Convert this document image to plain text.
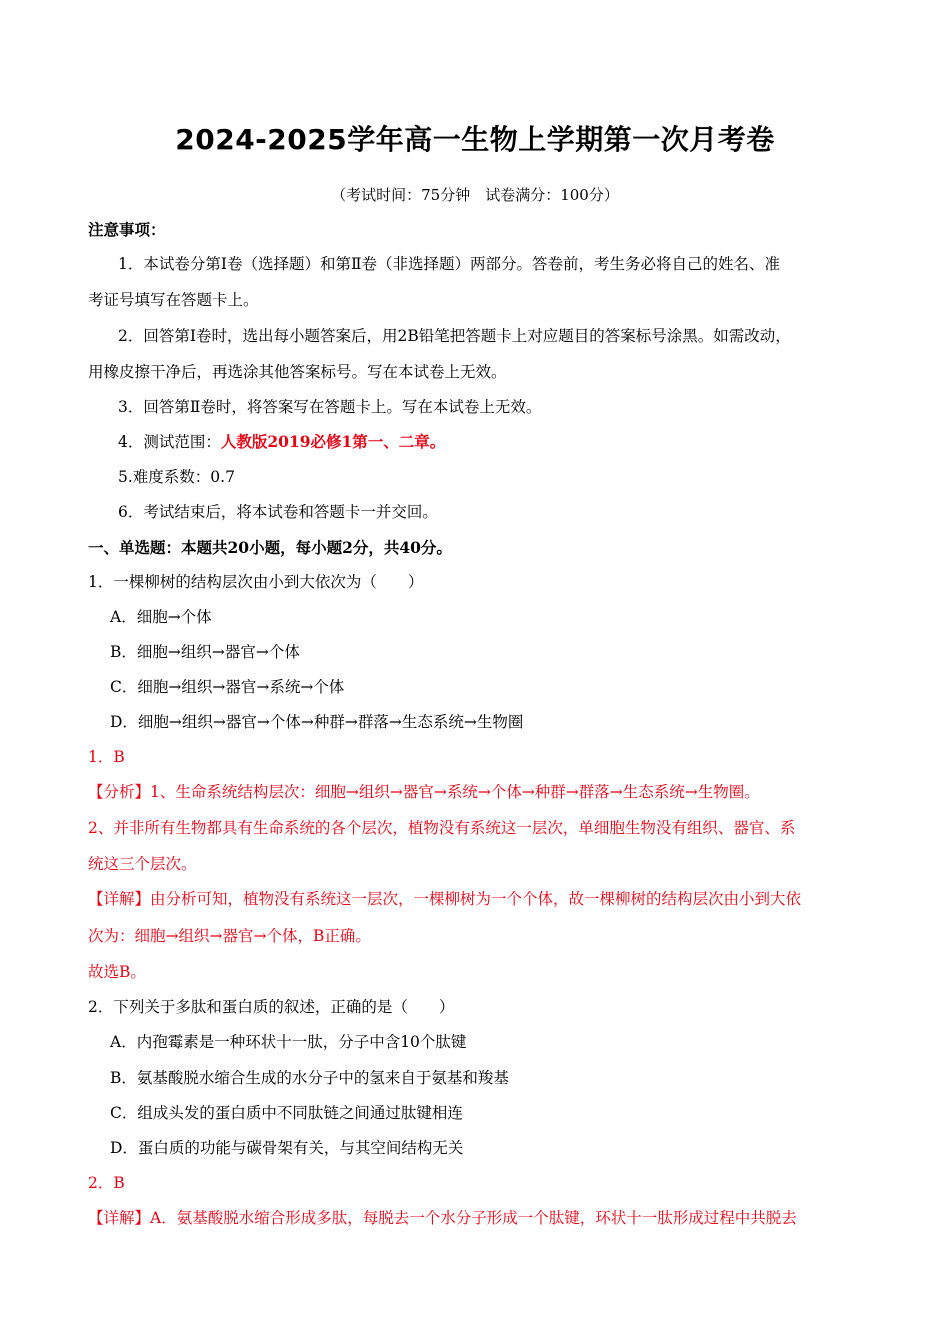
2024-2025学年高一生物上学期第一次月考卷
（考试时间：75分钟　试卷满分：100分）
注意事项：
1．本试卷分第Ⅰ卷（选择题）和第Ⅱ卷（非选择题）两部分。答卷前，考生务必将自己的姓名、准
考证号填写在答题卡上。
2．回答第Ⅰ卷时，选出每小题答案后，用2B铅笔把答题卡上对应题目的答案标号涂黑。如需改动，
用橡皮擦干净后，再选涂其他答案标号。写在本试卷上无效。
3．回答第Ⅱ卷时，将答案写在答题卡上。写在本试卷上无效。
4．测试范围：人教版2019必修1第一、二章。
5.难度系数：0.7
6．考试结束后，将本试卷和答题卡一并交回。
一、单选题：本题共20小题，每小题2分，共40分。
1．一棵柳树的结构层次由小到大依次为（　　）
A．细胞→个体
B．细胞→组织→器官→个体
C．细胞→组织→器官→系统→个体
D．细胞→组织→器官→个体→种群→群落→生态系统→生物圈
1．B
【分析】1、生命系统结构层次：细胞→组织→器官→系统→个体→种群→群落→生态系统→生物圈。
2、并非所有生物都具有生命系统的各个层次，植物没有系统这一层次，单细胞生物没有组织、器官、系
统这三个层次。
【详解】由分析可知，植物没有系统这一层次，一棵柳树为一个个体，故一棵柳树的结构层次由小到大依
次为：细胞→组织→器官→个体，B正确。
故选B。
2．下列关于多肽和蛋白质的叙述，正确的是（　　）
A．内孢霉素是一种环状十一肽，分子中含10个肽键
B．氨基酸脱水缩合生成的水分子中的氢来自于氨基和羧基
C．组成头发的蛋白质中不同肽链之间通过肽键相连
D．蛋白质的功能与碳骨架有关，与其空间结构无关
2．B
【详解】A．氨基酸脱水缩合形成多肽，每脱去一个水分子形成一个肽键，环状十一肽形成过程中共脱去
